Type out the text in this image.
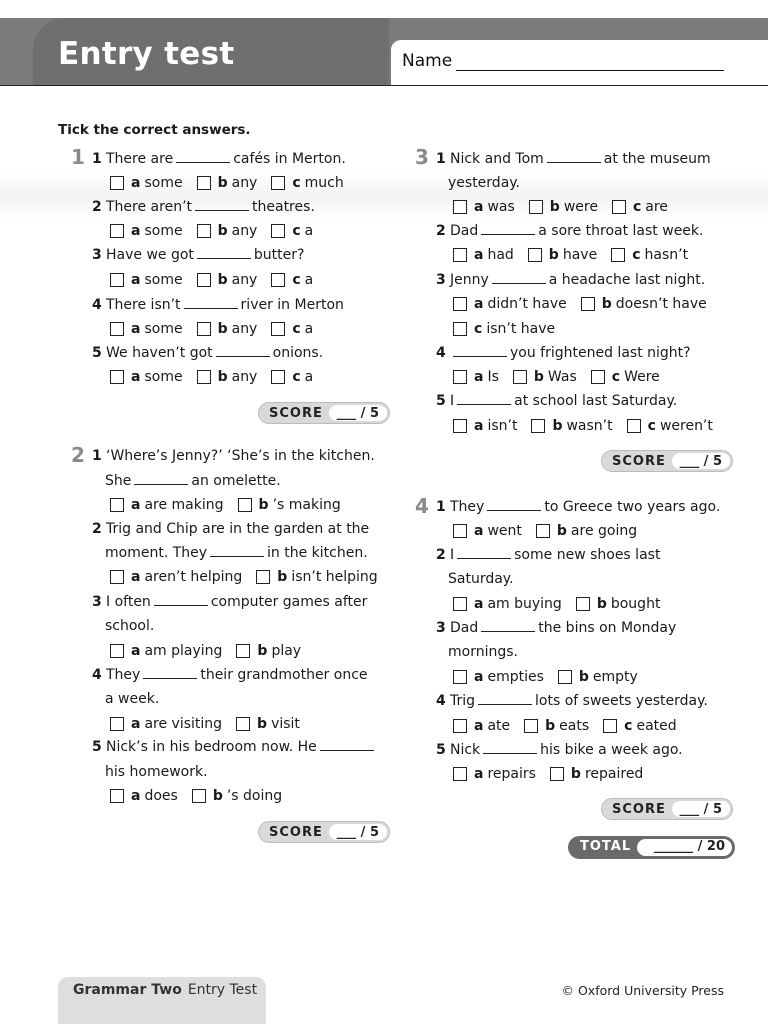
Entry test	Name
Tick the correct answers.
1 1 There are	cafés in Merton.
a some	b any	c much
2 There aren’t	theatres.
a some	b any	c a
3 Have we got	butter?
a some	b any	c a
4 There isn’t	river in Merton
a some	b any	c a
5 We haven’t got	onions.
a some	b any	c a
SCORE ___ / 5
2 1 ‘Where’s Jenny?’ ‘She’s in the kitchen.
She	an omelette.
a are making	b ’s making
2 Trig and Chip are in the garden at the
moment. They	in the kitchen.
a aren’t helping	b isn’t helping
3 I often	computer games after
school.
a am playing	b play
4 They	their grandmother once
a week.
a are visiting	b visit
5 Nick’s in his bedroom now. He
his homework.
a does	b ’s doing
SCORE ___ / 5
3 1 Nick and Tom	at the museum
yesterday.
a was	b were	c are
2 Dad	a sore throat last week.
a had	b have	c hasn’t
3 Jenny	a headache last night.
a didn’t have	b doesn’t have
c isn’t have
4	you frightened last night?
a Is	b Was	c Were
5 I	at school last Saturday.
a isn’t	b wasn’t	c weren’t
SCORE ___ / 5
4 1 They	to Greece two years ago.
a went	b are going
2 I	some new shoes last
Saturday.
a am buying	b bought
3 Dad	the bins on Monday
mornings.
a empties	b empty
4 Trig	lots of sweets yesterday.
a ate	b eats	c eated
5 Nick	his bike a week ago.
a repairs	b repaired
SCORE ___ / 5
TOTAL ______ / 20
Grammar Two Entry Test	© Oxford University Press
